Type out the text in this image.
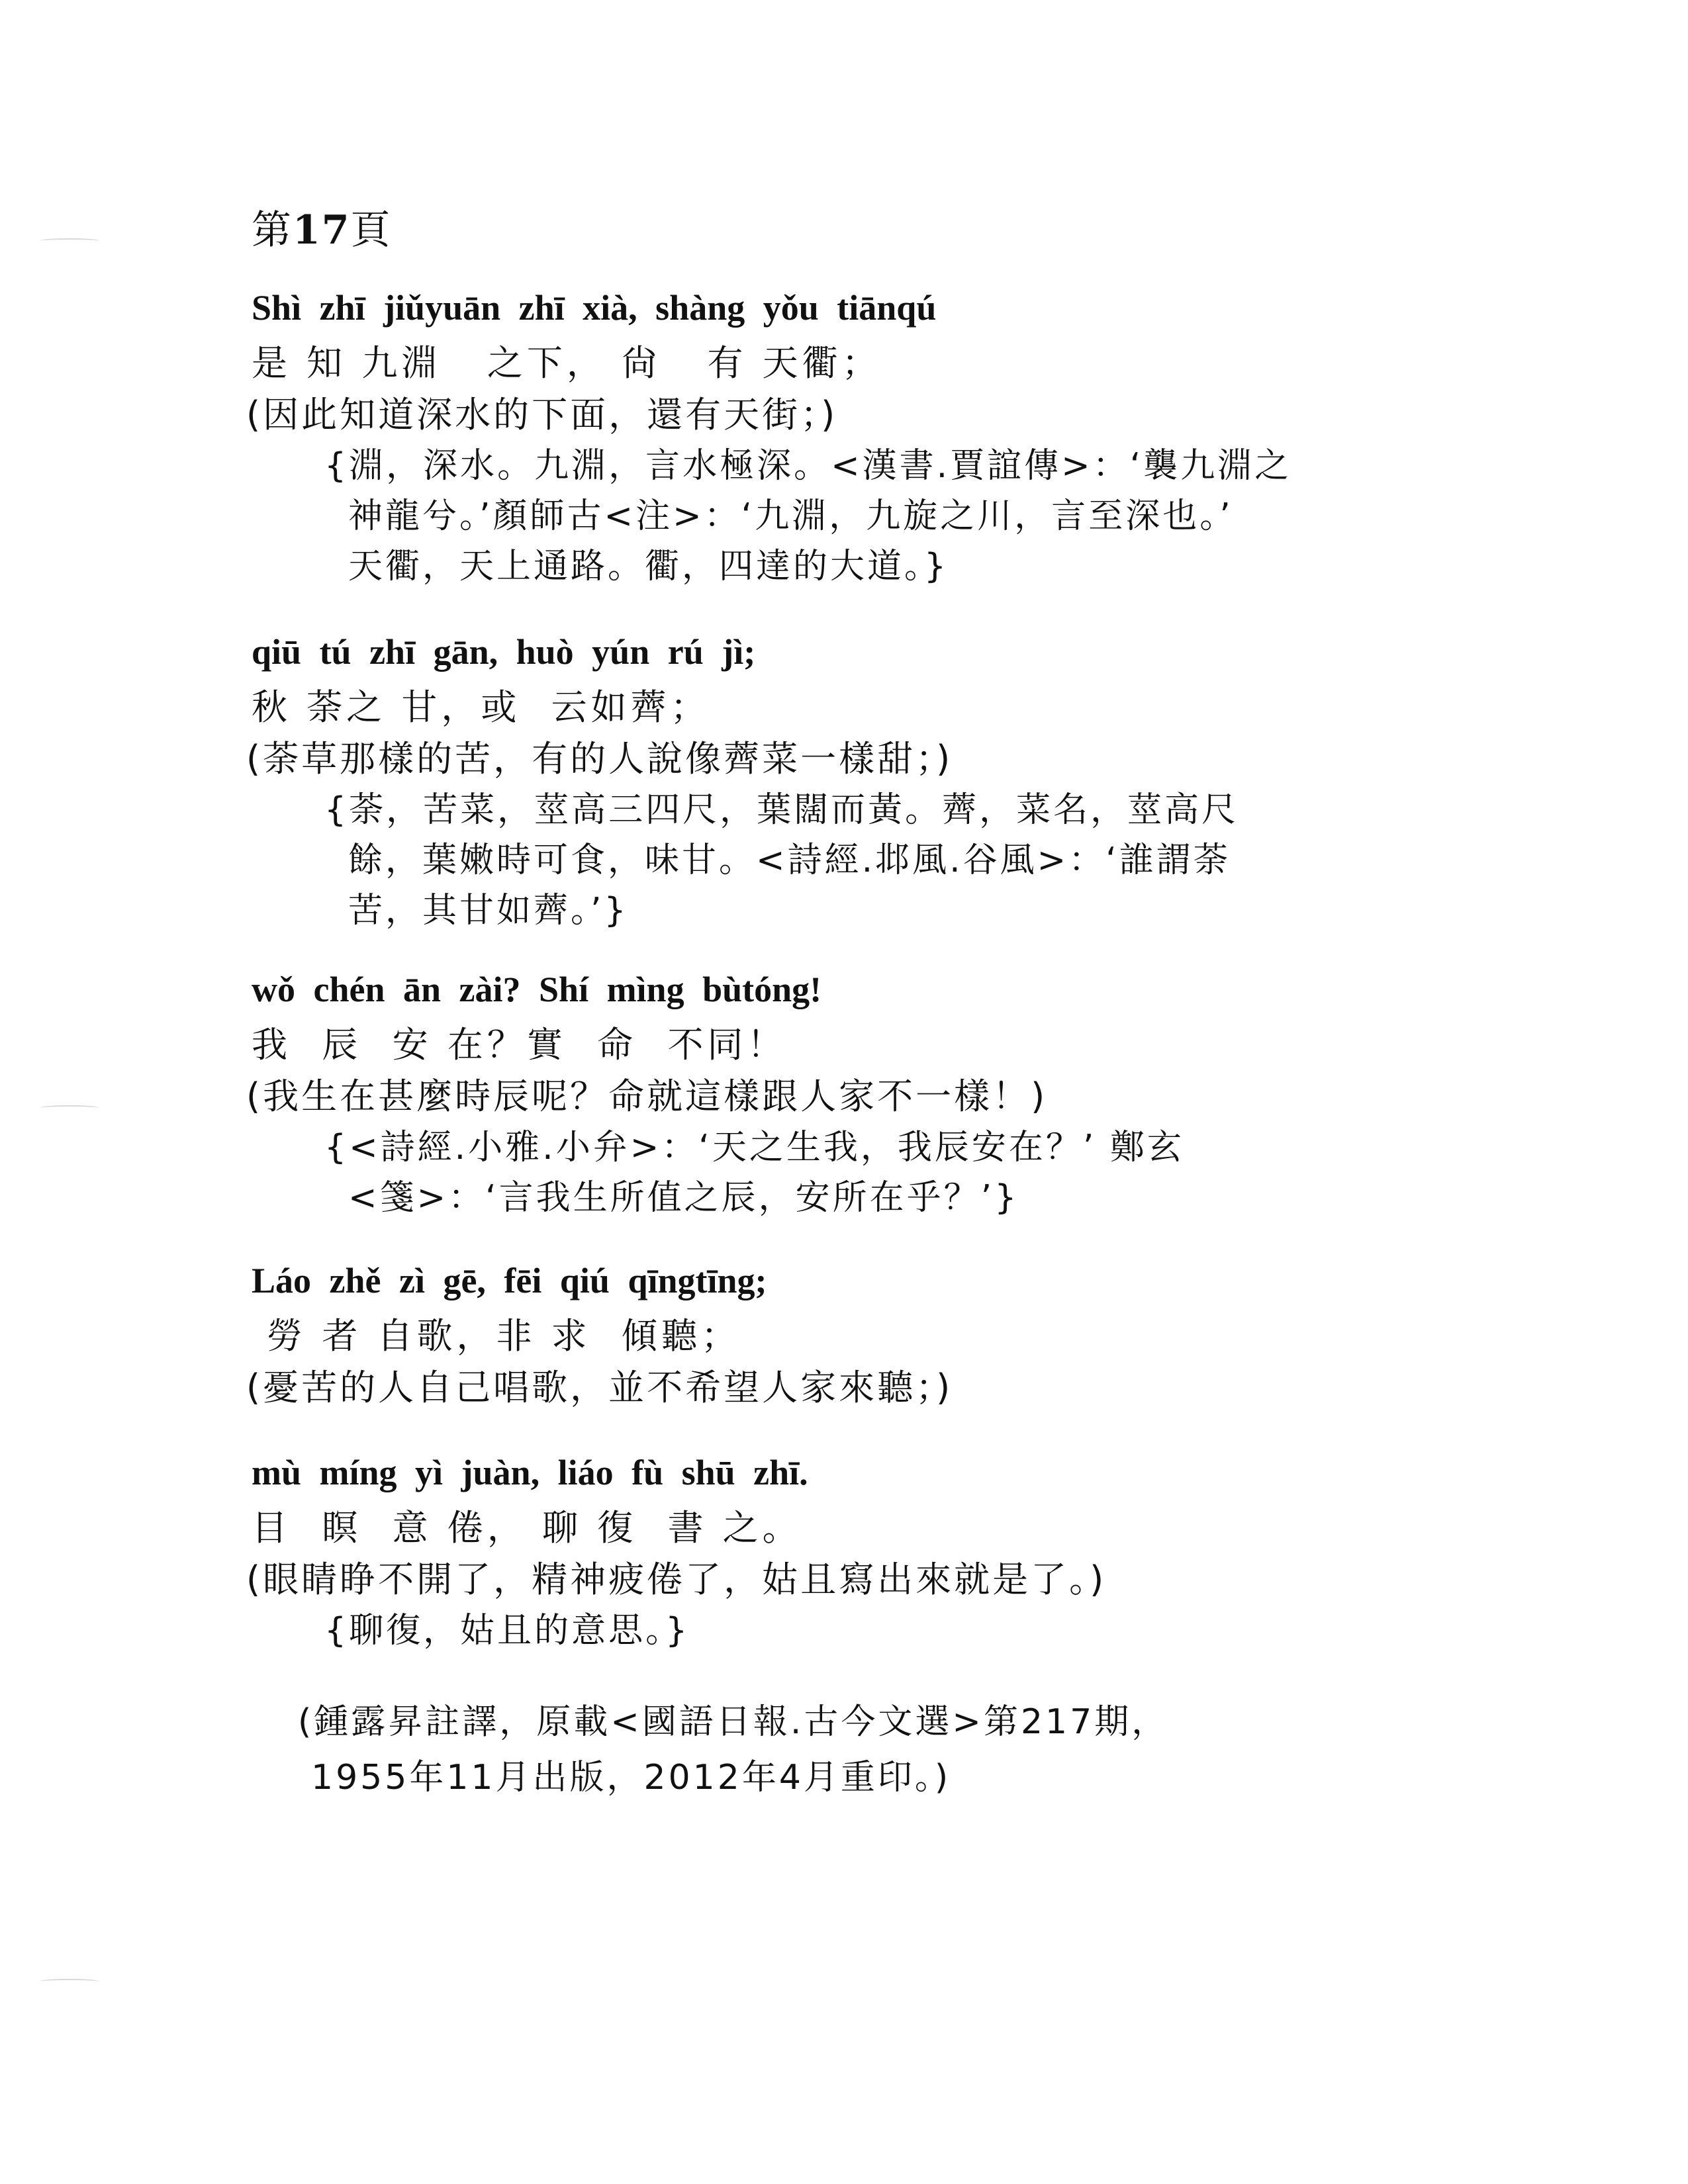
第17頁
Shì zhī jiǔyuān zhī xià, shàng yǒu tiānqú
是 知 九淵   之下， 尙   有 天衢；
(因此知道深水的下面，還有天街；)
{淵，深水。九淵，言水極深。<漢書.賈誼傳>：‘襲九淵之
神龍兮。’顏師古<注>：‘九淵，九旋之川，言至深也。’
天衢，天上通路。衢，四達的大道。}
qiū tú zhī gān, huò yún rú jì;
秋 荼之 甘，或  云如薺；
(荼草那樣的苦，有的人說像薺菜一樣甜；)
{荼，苦菜，莖高三四尺，葉闊而黃。薺，菜名，莖高尺
餘，葉嫩時可食，味甘。<詩經.邶風.谷風>：‘誰謂荼
苦，其甘如薺。’}
wǒ chén ān zài? Shí mìng bùtóng!
我  辰  安 在？實  命  不同！
(我生在甚麼時辰呢？命就這樣跟人家不一樣！)
{<詩經.小雅.小弁>：‘天之生我，我辰安在？’ 鄭玄
<箋>：‘言我生所值之辰，安所在乎？’}
Láo zhě zì gē, fēi qiú qīngtīng;
勞 者 自歌，非 求  傾聽；
(憂苦的人自己唱歌，並不希望人家來聽；)
mù míng yì juàn, liáo fù shū zhī.
目  瞑  意 倦， 聊 復  書 之。
(眼睛睁不開了，精神疲倦了，姑且寫出來就是了。)
{聊復，姑且的意思。}
(鍾露昇註譯，原載<國語日報.古今文選>第217期，
1955年11月出版，2012年4月重印。)
